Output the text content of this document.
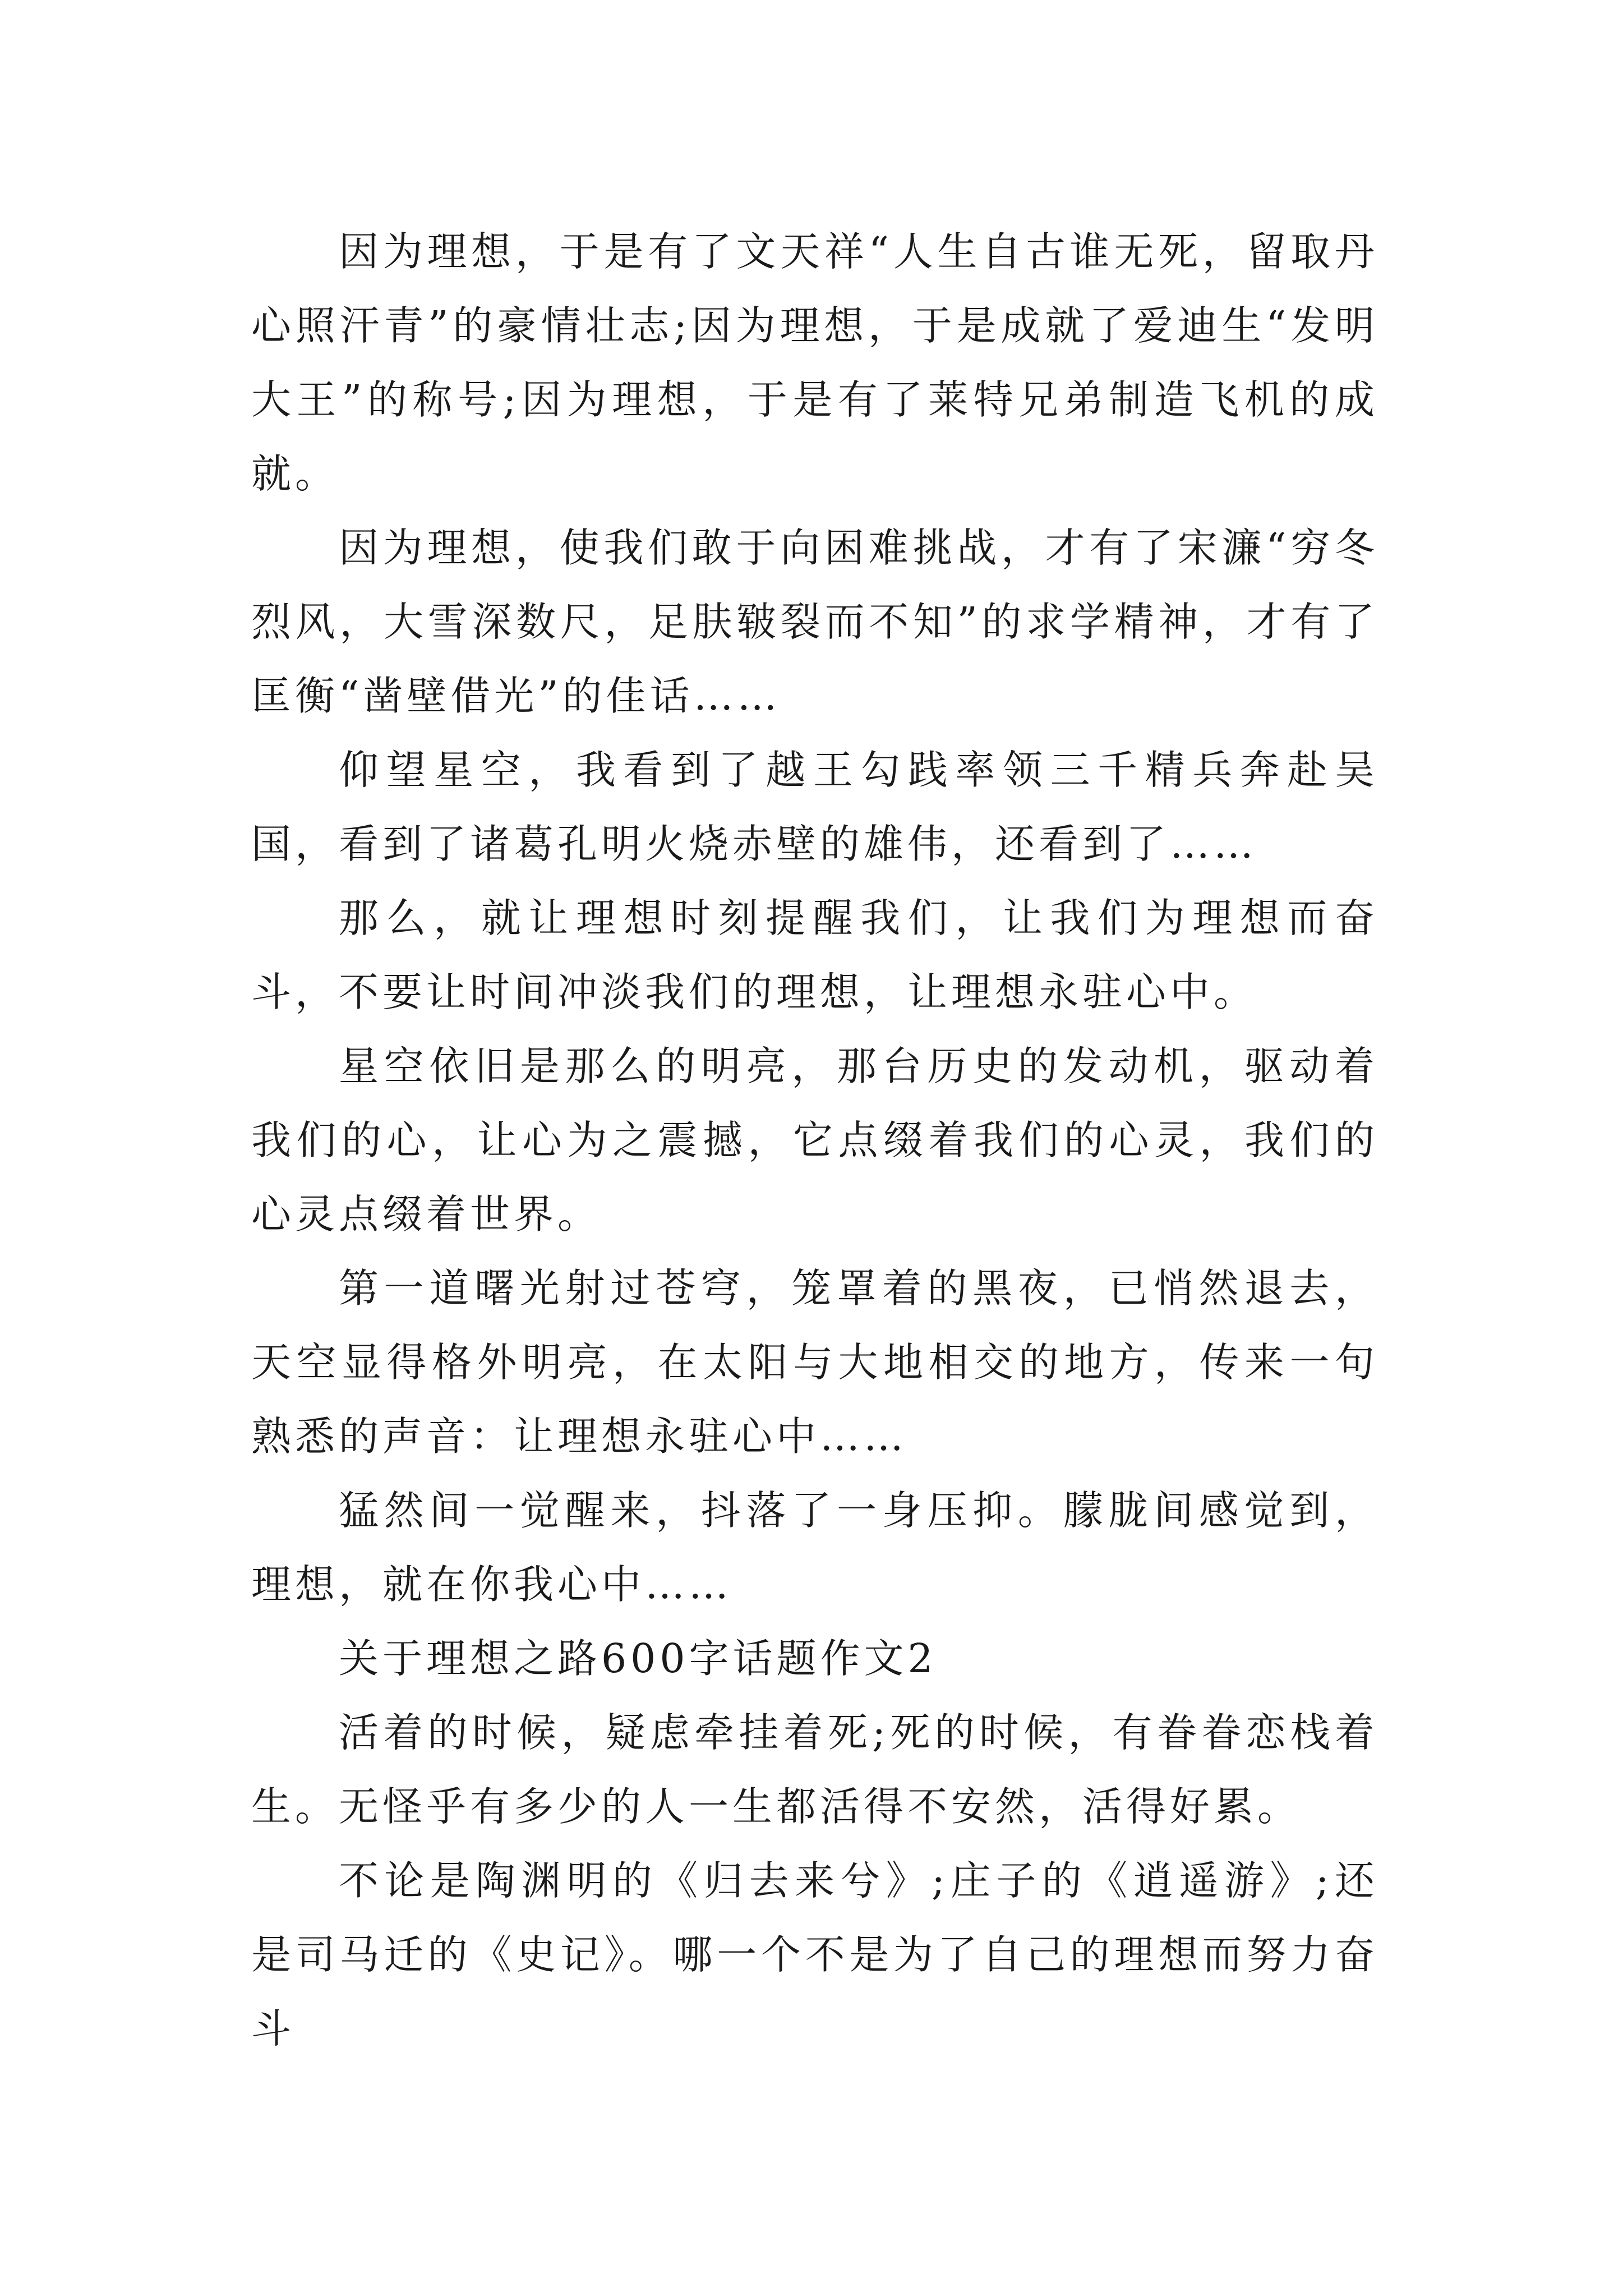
因为理想，于是有了文天祥“人生自古谁无死，留取丹心照汗青”的豪情壮志;因为理想，于是成就了爱迪生“发明大王”的称号;因为理想，于是有了莱特兄弟制造飞机的成就。

因为理想，使我们敢于向困难挑战，才有了宋濂“穷冬烈风，大雪深数尺，足肤皲裂而不知”的求学精神，才有了匡衡“凿壁借光”的佳话……

仰望星空，我看到了越王勾践率领三千精兵奔赴吴国，看到了诸葛孔明火烧赤壁的雄伟，还看到了……

那么，就让理想时刻提醒我们，让我们为理想而奋斗，不要让时间冲淡我们的理想，让理想永驻心中。

星空依旧是那么的明亮，那台历史的发动机，驱动着我们的心，让心为之震撼，它点缀着我们的心灵，我们的心灵点缀着世界。

第一道曙光射过苍穹，笼罩着的黑夜，已悄然退去，天空显得格外明亮，在太阳与大地相交的地方，传来一句熟悉的声音：让理想永驻心中……

猛然间一觉醒来，抖落了一身压抑。朦胧间感觉到，理想，就在你我心中……

关于理想之路600字话题作文2

活着的时候，疑虑牵挂着死;死的时候，有眷眷恋栈着生。无怪乎有多少的人一生都活得不安然，活得好累。

不论是陶渊明的《归去来兮》;庄子的《逍遥游》;还是司马迁的《史记》。哪一个不是为了自己的理想而努力奋斗
